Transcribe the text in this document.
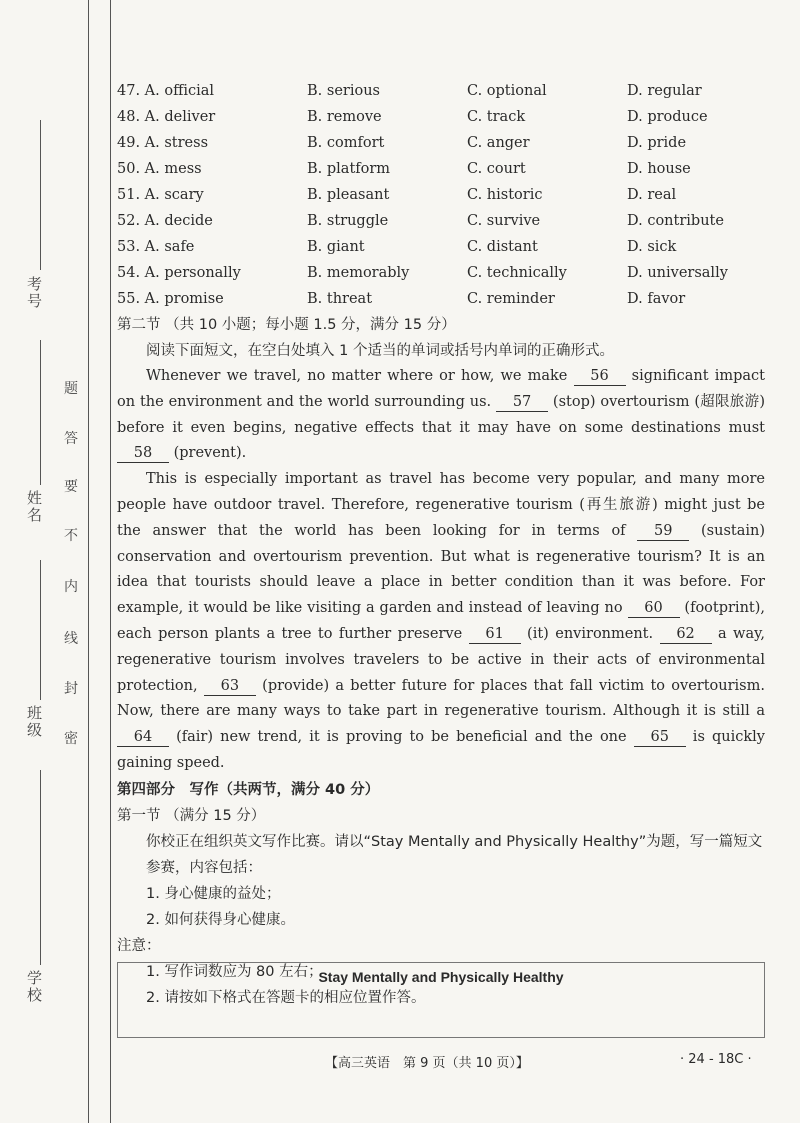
考号
姓名
班级
学校
题
答
要
不
内
线
封
密
47. A. official	B. serious	C. optional	D. regular
48. A. deliver	B. remove	C. track	D. produce
49. A. stress	B. comfort	C. anger	D. pride
50. A. mess	B. platform	C. court	D. house
51. A. scary	B. pleasant	C. historic	D. real
52. A. decide	B. struggle	C. survive	D. contribute
53. A. safe	B. giant	C. distant	D. sick
54. A. personally	B. memorably	C. technically	D. universally
55. A. promise	B. threat	C. reminder	D. favor
第二节 （共 10 小题；每小题 1.5 分，满分 15 分）
阅读下面短文，在空白处填入 1 个适当的单词或括号内单词的正确形式。
Whenever we travel, no matter where or how, we make 56 significant impact on the environment and the world surrounding us. 57 (stop) overtourism (超限旅游) before it even begins, negative effects that it may have on some destinations must 58 (prevent).
This is especially important as travel has become very popular, and many more people have outdoor travel. Therefore, regenerative tourism (再生旅游) might just be the answer that the world has been looking for in terms of 59 (sustain) conservation and overtourism prevention. But what is regenerative tourism? It is an idea that tourists should leave a place in better condition than it was before. For example, it would be like visiting a garden and instead of leaving no 60 (footprint), each person plants a tree to further preserve 61 (it) environment. 62 a way, regenerative tourism involves travelers to be active in their acts of environmental protection, 63 (provide) a better future for places that fall victim to overtourism. Now, there are many ways to take part in regenerative tourism. Although it is still a 64 (fair) new trend, it is proving to be beneficial and the one 65 is quickly gaining speed.
第四部分　写作（共两节，满分 40 分）
第一节 （满分 15 分）
你校正在组织英文写作比赛。请以“Stay Mentally and Physically Healthy”为题，写一篇短文参赛，内容包括：
1. 身心健康的益处；
2. 如何获得身心健康。
注意：
1. 写作词数应为 80 左右；
2. 请按如下格式在答题卡的相应位置作答。
Stay Mentally and Physically Healthy
【高三英语　第 9 页（共 10 页）】	· 24 - 18C ·
